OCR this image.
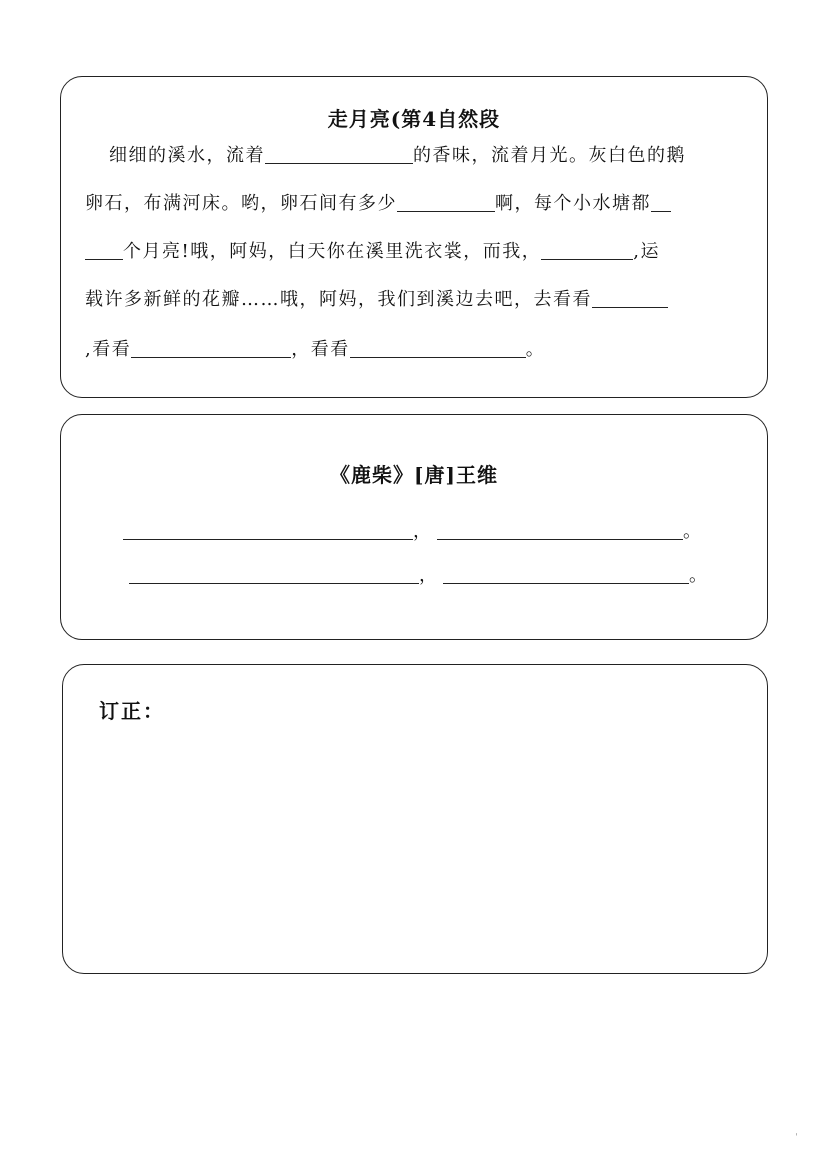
走月亮(第4自然段
细细的溪水，流着	的香味，流着月光。灰白色的鹅
卵石，布满河床。哟，卵石间有多少	啊，每个小水塘都
个月亮!哦，阿妈，白天你在溪里洗衣裳，而我，	,运
载许多新鲜的花瓣……哦，阿妈，我们到溪边去吧，去看看
,看看	，看看	。
《鹿柴》[唐]王维
，	。
，	。
订正：
ˈ
